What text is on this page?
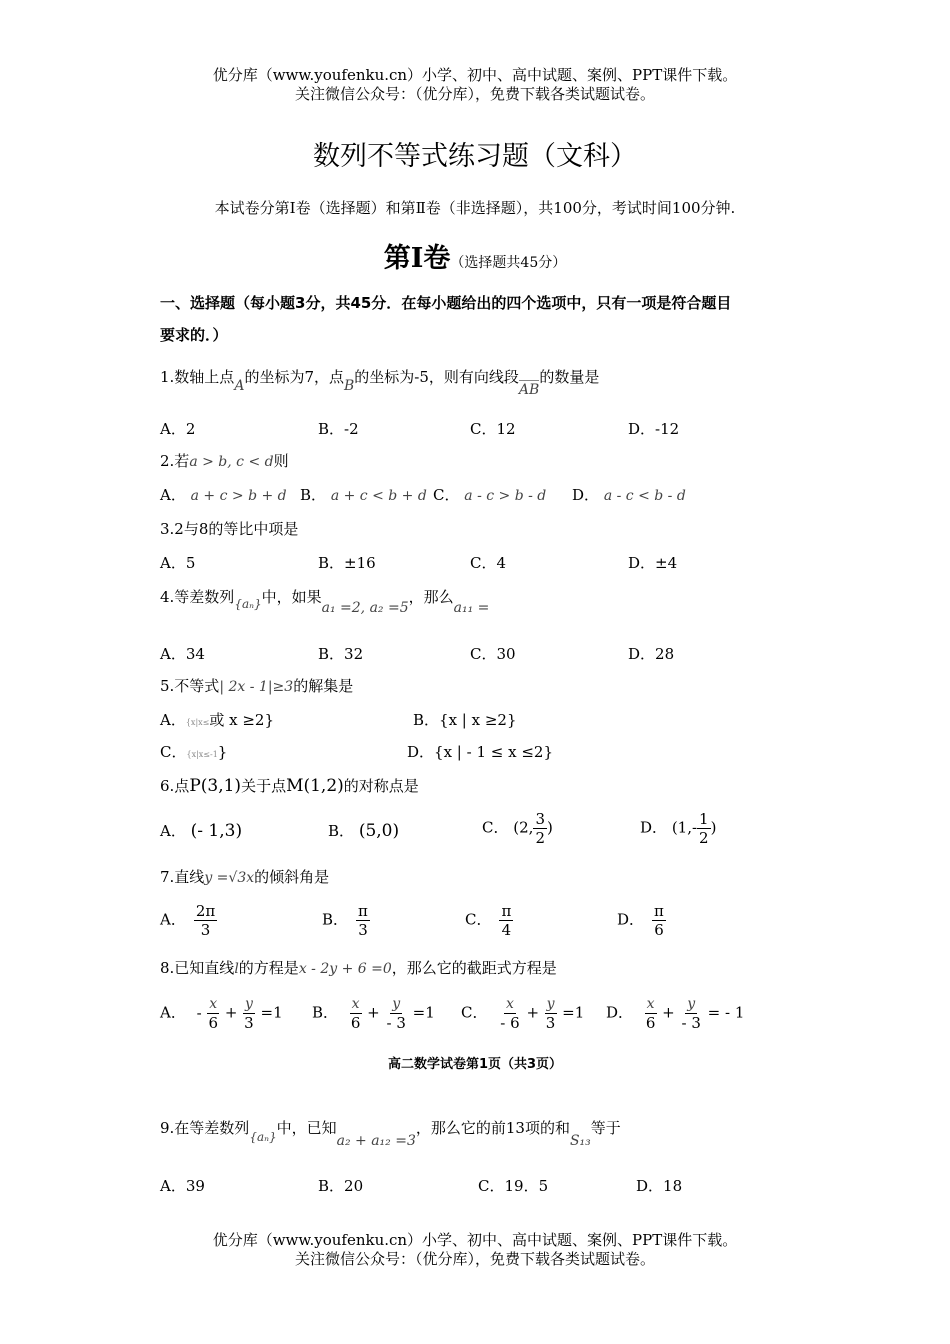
优分库（www.youfenku.cn）小学、初中、高中试题、案例、PPT课件下载。
关注微信公众号：（优分库），免费下载各类试题试卷。
数列不等式练习题（文科）
本试卷分第Ⅰ卷（选择题）和第Ⅱ卷（非选择题），共100分，考试时间100分钟.
第Ⅰ卷（选择题共45分）
一、选择题（每小题3分，共45分．在每小题给出的四个选项中，只有一项是符合题目
要求的．）
1.数轴上点A的坐标为7，点B的坐标为-5，则有向线段AB的数量是
A．2	B．-2	C．12	D．-12
2.若a > b, c < d则
A． a + c > b + d B． a + c < b + d C． a - c > b - d D． a - c < b - d
3.2与8的等比中项是
A．5	B．±16	C．4	D．±4
4.等差数列$_{\{a_n\}}$中，如果a₁ =2, a₂ =5，那么a₁₁ =
A．34	B．32	C．30	D．28
5.不等式| 2x - 1|≥3的解集是
A．{x|x≤或 x ≥2}	B．{x | x ≥2}
C．{x|x≤-1}	D．{x | - 1 ≤ x ≤2}
6.点P(3,1)关于点M(1,2)的对称点是
A． (- 1,3)	B． (5,0)	C． (2, $\frac{3}{2}$ )	D． ($1,- \frac{1}{2}$ )
7.直线y =√3x的倾斜角是
A． $\frac{2\pi}{3}$	B． $\frac{\pi}{3}$	C． $\frac{\pi}{4}$	D． $\frac{\pi}{6}$
8.已知直线l的方程是x - 2y + 6 =0，那么它的截距式方程是
A． - $\frac{x}{6} + \frac{y}{3} =1$ B． $\frac{x}{6} + \frac{y}{- 3} =1$ C． $\frac{x}{- 6} + \frac{y}{3} =1$ D． $\frac{x}{6} + \frac{y}{- 3}$ = - 1
高二数学试卷第1页（共3页）
9.在等差数列$_{\{a_n\}}$中，已知a₂ + a₁₂ =3，那么它的前13项的和S₁₃等于
A．39	B．20	C．19．5	D．18
优分库（www.youfenku.cn）小学、初中、高中试题、案例、PPT课件下载。
关注微信公众号：（优分库），免费下载各类试题试卷。
